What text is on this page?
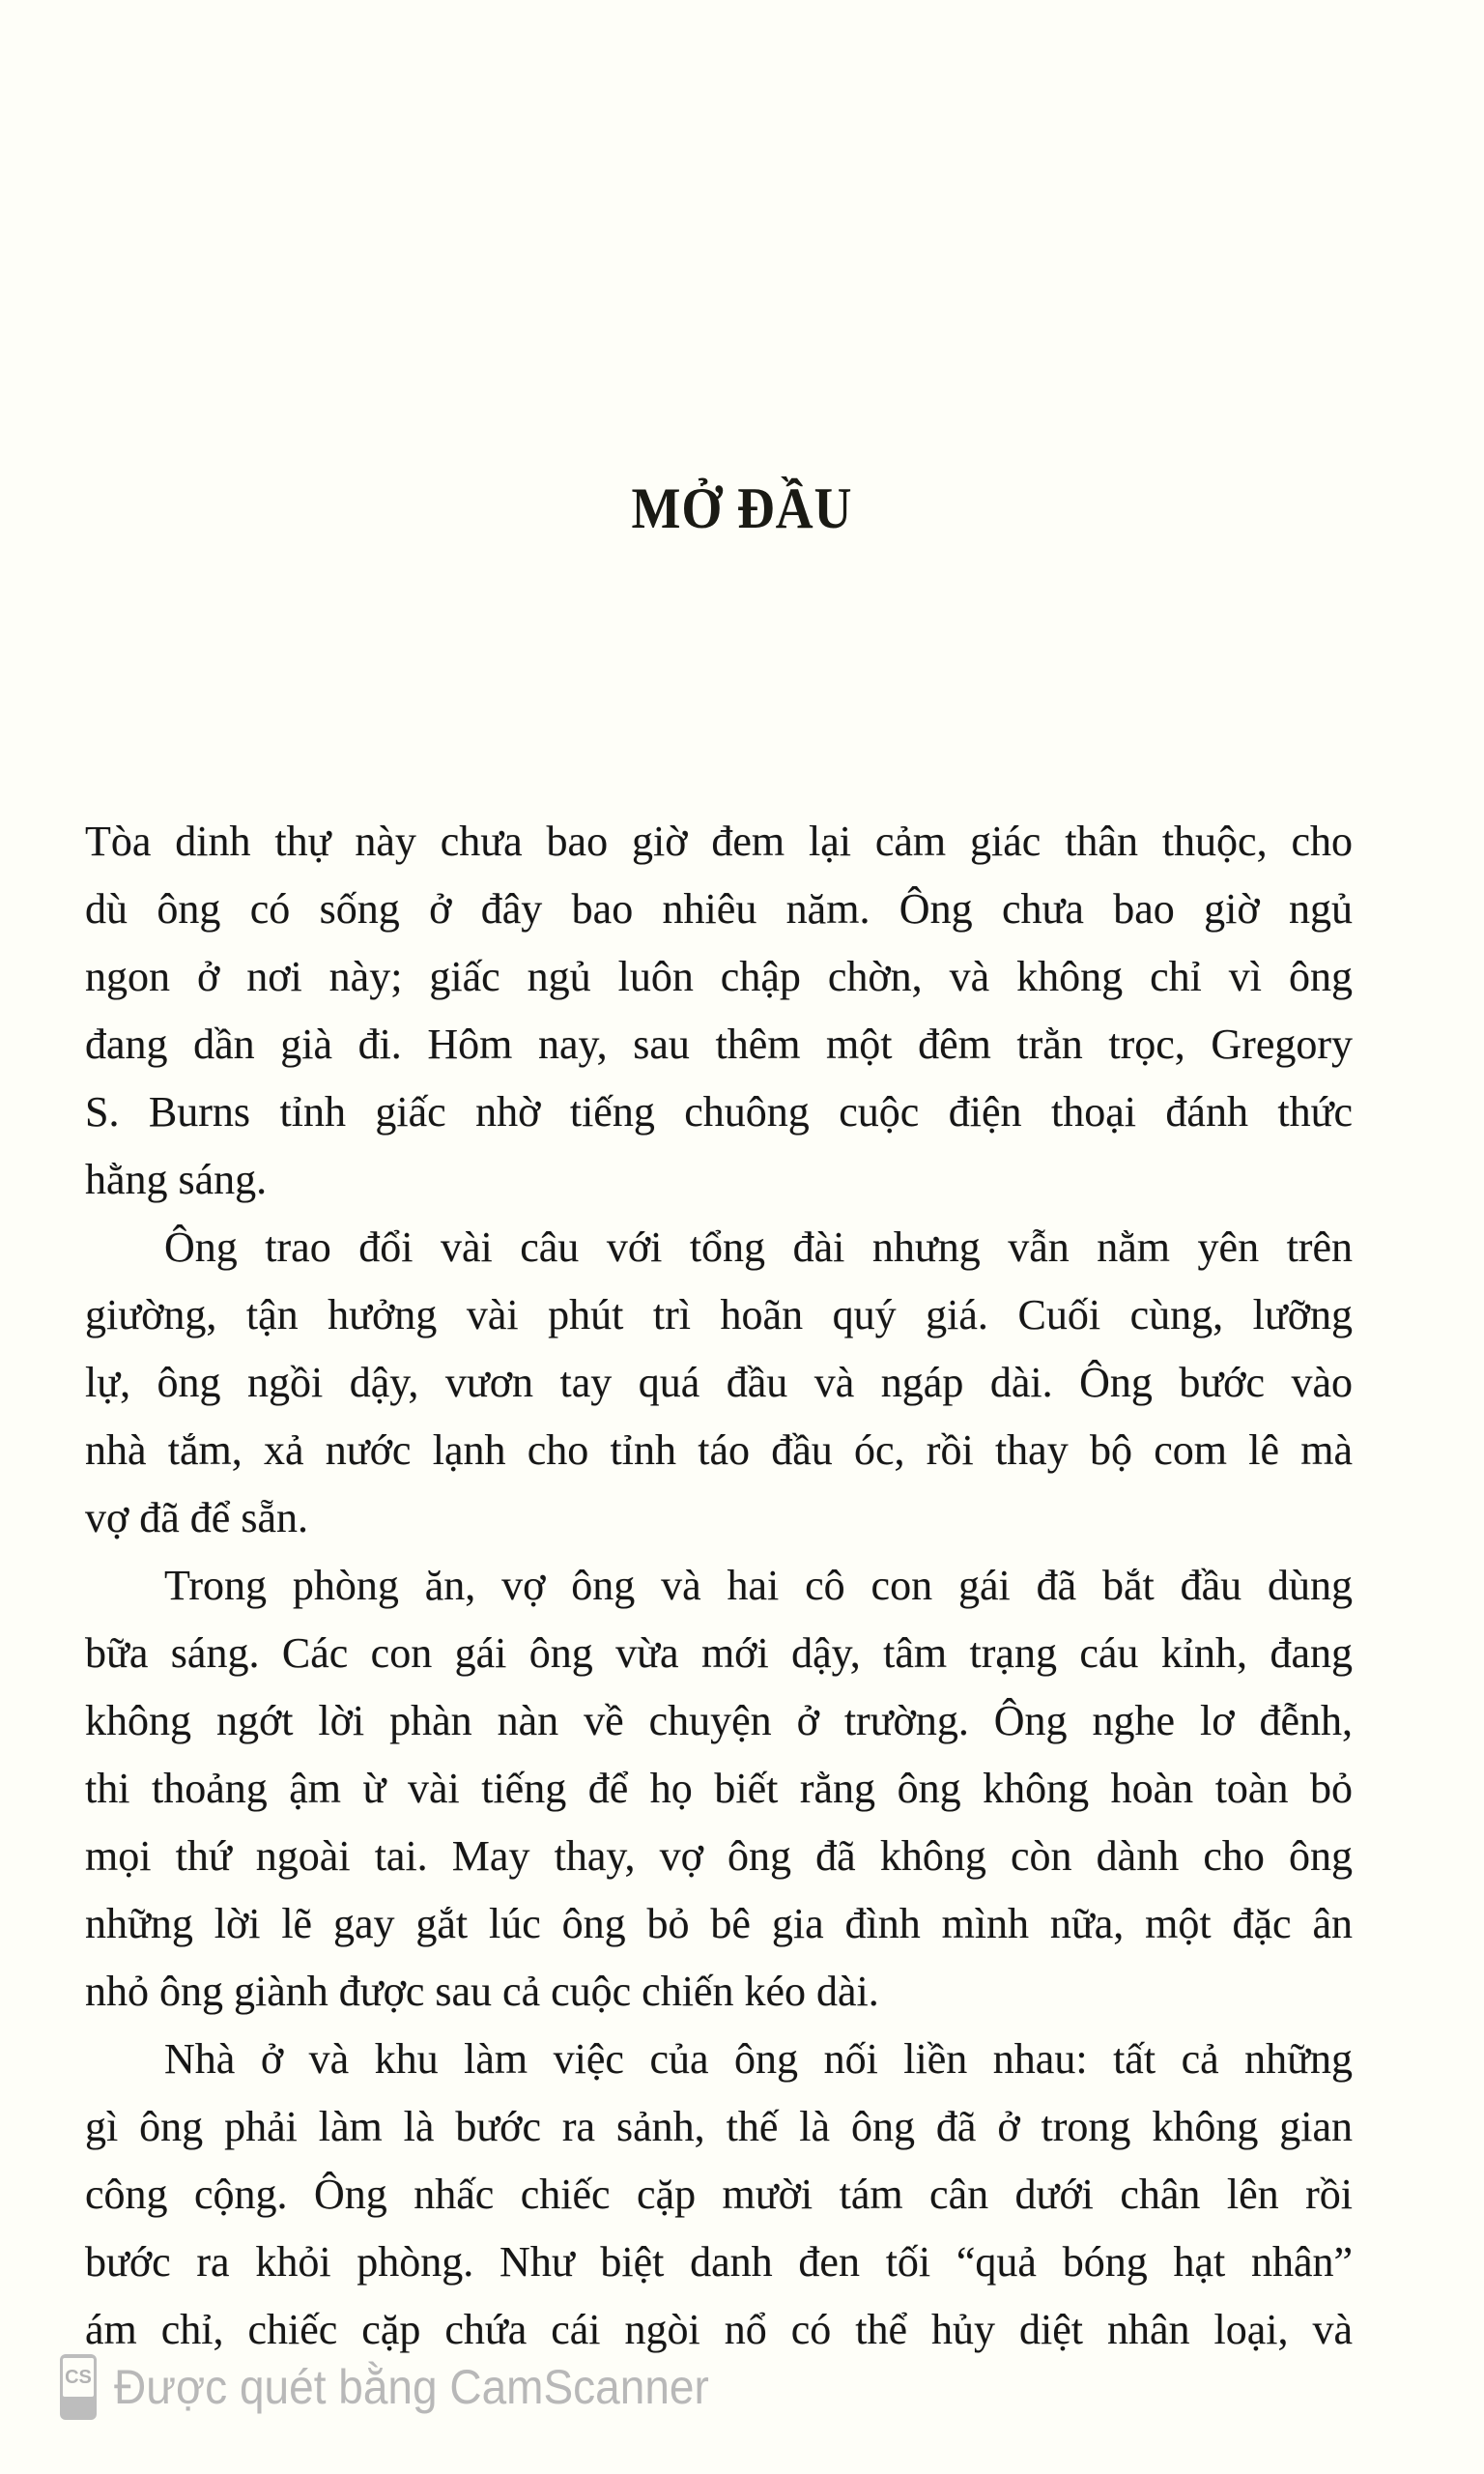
MỞ ĐẦU
Tòa dinh thự này chưa bao giờ đem lại cảm giác thân thuộc, cho
dù ông có sống ở đây bao nhiêu năm. Ông chưa bao giờ ngủ
ngon ở nơi này; giấc ngủ luôn chập chờn, và không chỉ vì ông
đang dần già đi. Hôm nay, sau thêm một đêm trằn trọc, Gregory
S. Burns tỉnh giấc nhờ tiếng chuông cuộc điện thoại đánh thức
hằng sáng.
Ông trao đổi vài câu với tổng đài nhưng vẫn nằm yên trên
giường, tận hưởng vài phút trì hoãn quý giá. Cuối cùng, lưỡng
lự, ông ngồi dậy, vươn tay quá đầu và ngáp dài. Ông bước vào
nhà tắm, xả nước lạnh cho tỉnh táo đầu óc, rồi thay bộ com lê mà
vợ đã để sẵn.
Trong phòng ăn, vợ ông và hai cô con gái đã bắt đầu dùng
bữa sáng. Các con gái ông vừa mới dậy, tâm trạng cáu kỉnh, đang
không ngớt lời phàn nàn về chuyện ở trường. Ông nghe lơ đễnh,
thi thoảng ậm ừ vài tiếng để họ biết rằng ông không hoàn toàn bỏ
mọi thứ ngoài tai. May thay, vợ ông đã không còn dành cho ông
những lời lẽ gay gắt lúc ông bỏ bê gia đình mình nữa, một đặc ân
nhỏ ông giành được sau cả cuộc chiến kéo dài.
Nhà ở và khu làm việc của ông nối liền nhau: tất cả những
gì ông phải làm là bước ra sảnh, thế là ông đã ở trong không gian
công cộng. Ông nhấc chiếc cặp mười tám cân dưới chân lên rồi
bước ra khỏi phòng. Như biệt danh đen tối “quả bóng hạt nhân”
ám chỉ, chiếc cặp chứa cái ngòi nổ có thể hủy diệt nhân loại, và
CS Được quét bằng CamScanner
